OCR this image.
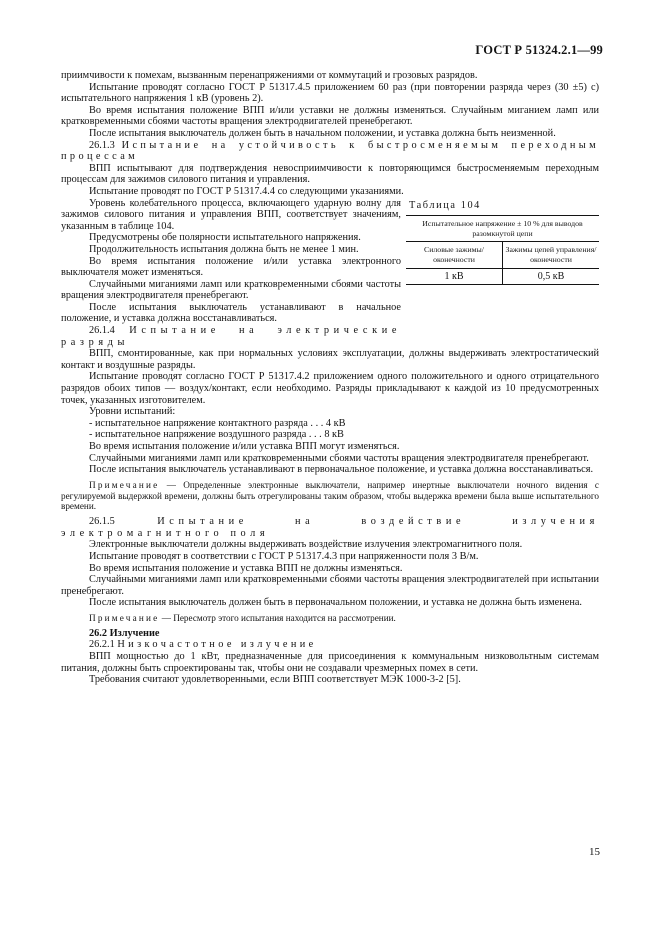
ГОСТ Р 51324.2.1—99

приимчивости к помехам, вызванным перенапряжениями от коммутаций и грозовых разрядов.

Испытание проводят согласно ГОСТ Р 51317.4.5 приложением 60 раз (при повторении разряда через (30 ±5) с) испытательного напряжения 1 кВ (уровень 2).

Во время испытания положение ВПП и/или уставки не должны изменяться. Случайным миганием ламп или кратковременными сбоями частоты вращения электродвигателей пренебрегают.

После испытания выключатель должен быть в начальном положении, и уставка должна быть неизменной.

26.1.3 Испытание на устойчивость к быстросменяемым переходным процессам

ВПП испытывают для подтверждения невосприимчивости к повторяющимся быстросменяемым переходным процессам для зажимов силового питания и управления.

Испытание проводят по ГОСТ Р 51317.4.4 со следующими указаниями.

Уровень колебательного процесса, включающего ударную волну для зажимов силового питания и управления ВПП, соответствует значениям, указанным в таблице 104.

Предусмотрены обе полярности испытательного напряжения.

Продолжительность испытания должна быть не менее 1 мин.

Во время испытания положение и/или уставка электронного выключателя может изменяться.

Случайными миганиями ламп или кратковременными сбоями частоты вращения электродвигателя пренебрегают.

После испытания выключатель устанавливают в начальное положение, и уставка должна восстанавливаться.

26.1.4 Испытание на электрические разряды

Таблица 104
Испытательное напряжение ± 10 % для выводов разомкнутой цепи	
Силовые зажимы/оконечности	Зажимы цепей управления/оконечности
1 кВ	0,5 кВ

ВПП, смонтированные, как при нормальных условиях эксплуатации, должны выдерживать электростатический контакт и воздушные разряды.

Испытание проводят согласно ГОСТ Р 51317.4.2 приложением одного положительного и одного отрицательного разрядов обоих типов — воздух/контакт, если необходимо. Разряды прикладывают к каждой из 10 предусмотренных точек, указанных изготовителем.

Уровни испытаний:

- испытательное напряжение контактного разряда . . . 4 кВ

- испытательное напряжение воздушного разряда . . . 8 кВ

Во время испытания положение и/или уставка ВПП могут изменяться.

Случайными миганиями ламп или кратковременными сбоями частоты вращения электродвигателя пренебрегают.

После испытания выключатель устанавливают в первоначальное положение, и уставка должна восстанавливаться.

Примечание — Определенные электронные выключатели, например инертные выключатели ночного видения с регулируемой выдержкой времени, должны быть отрегулированы таким образом, чтобы выдержка времени была выше испытательного времени.

26.1.5	Испытание на воздействие излучения электромагнитного поля

Электронные выключатели должны выдерживать воздействие излучения электромагнитного поля.

Испытание проводят в соответствии с ГОСТ Р 51317.4.3 при напряженности поля 3 В/м.

Во время испытания положение и уставка ВПП не должны изменяться.

Случайными миганиями ламп или кратковременными сбоями частоты вращения электродвигателей при испытании пренебрегают.

После испытания выключатель должен быть в первоначальном положении, и уставка не должна быть изменена.

Примечание — Пересмотр этого испытания находится на рассмотрении.

26.2 Излучение

26.2.1 Низкочастотное излучение

ВПП мощностью до 1 кВт, предназначенные для присоединения к коммунальным низковольтным системам питания, должны быть спроектированы так, чтобы они не создавали чрезмерных помех в сети.

Требования считают удовлетворенными, если ВПП соответствует МЭК 1000-3-2 [5].

15
